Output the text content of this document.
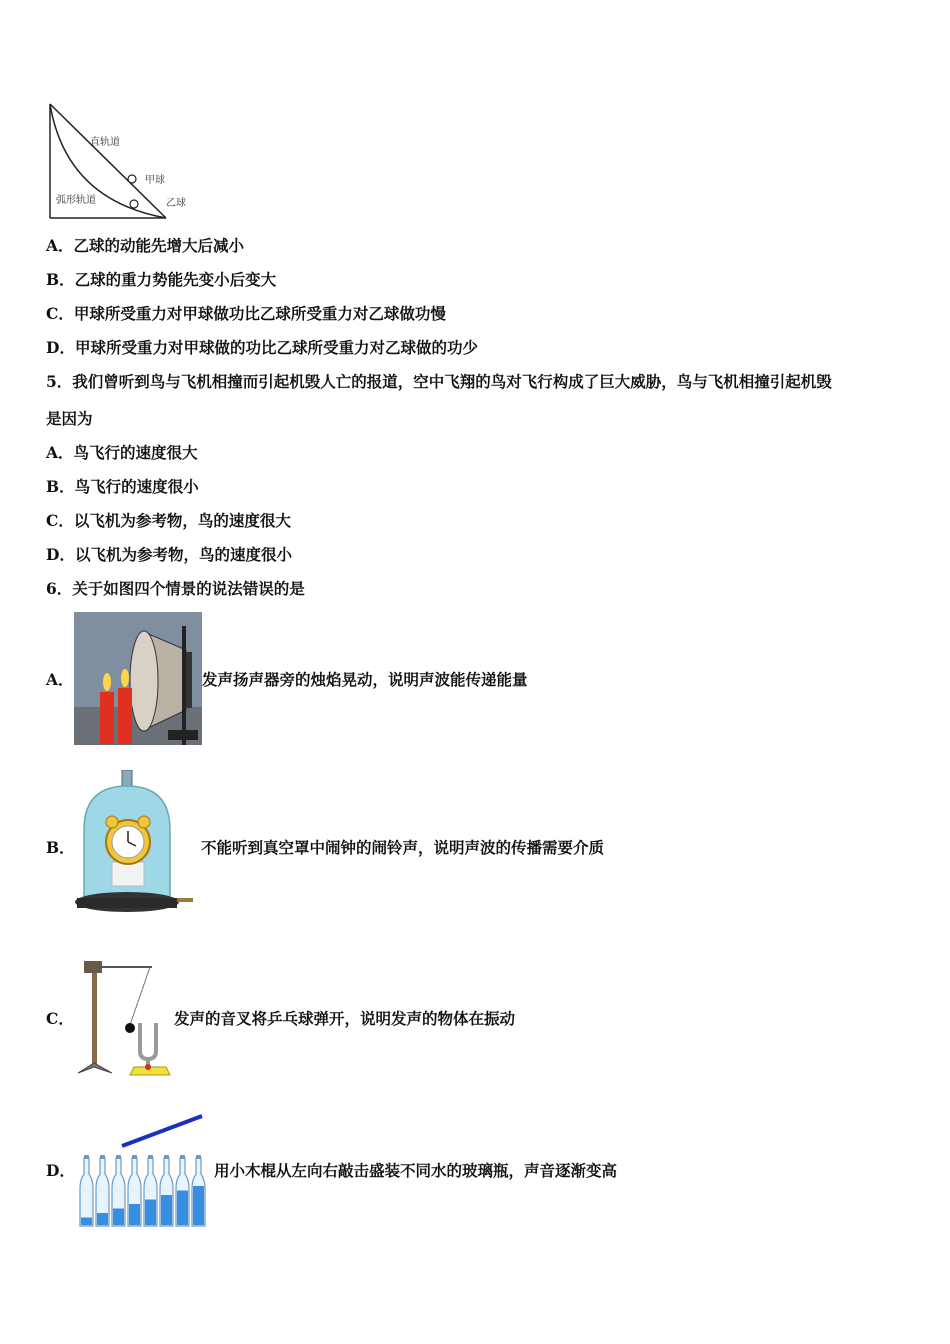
直轨道
甲球
弧形轨道	乙球
A．乙球的动能先增大后减小
B．乙球的重力势能先变小后变大
C．甲球所受重力对甲球做功比乙球所受重力对乙球做功慢
D．甲球所受重力对甲球做的功比乙球所受重力对乙球做的功少
5．我们曾听到鸟与飞机相撞而引起机毁人亡的报道，空中飞翔的鸟对飞行构成了巨大威胁，鸟与飞机相撞引起机毁
是因为
A．鸟飞行的速度很大
B．鸟飞行的速度很小
C．以飞机为参考物，鸟的速度很大
D．以飞机为参考物，鸟的速度很小
6．关于如图四个情景的说法错误的是
A．	发声扬声器旁的烛焰晃动，说明声波能传递能量
B．	不能听到真空罩中闹钟的闹铃声，说明声波的传播需要介质
C．	发声的音叉将乒乓球弹开，说明发声的物体在振动
D．	用小木棍从左向右敲击盛装不同水的玻璃瓶，声音逐渐变高
